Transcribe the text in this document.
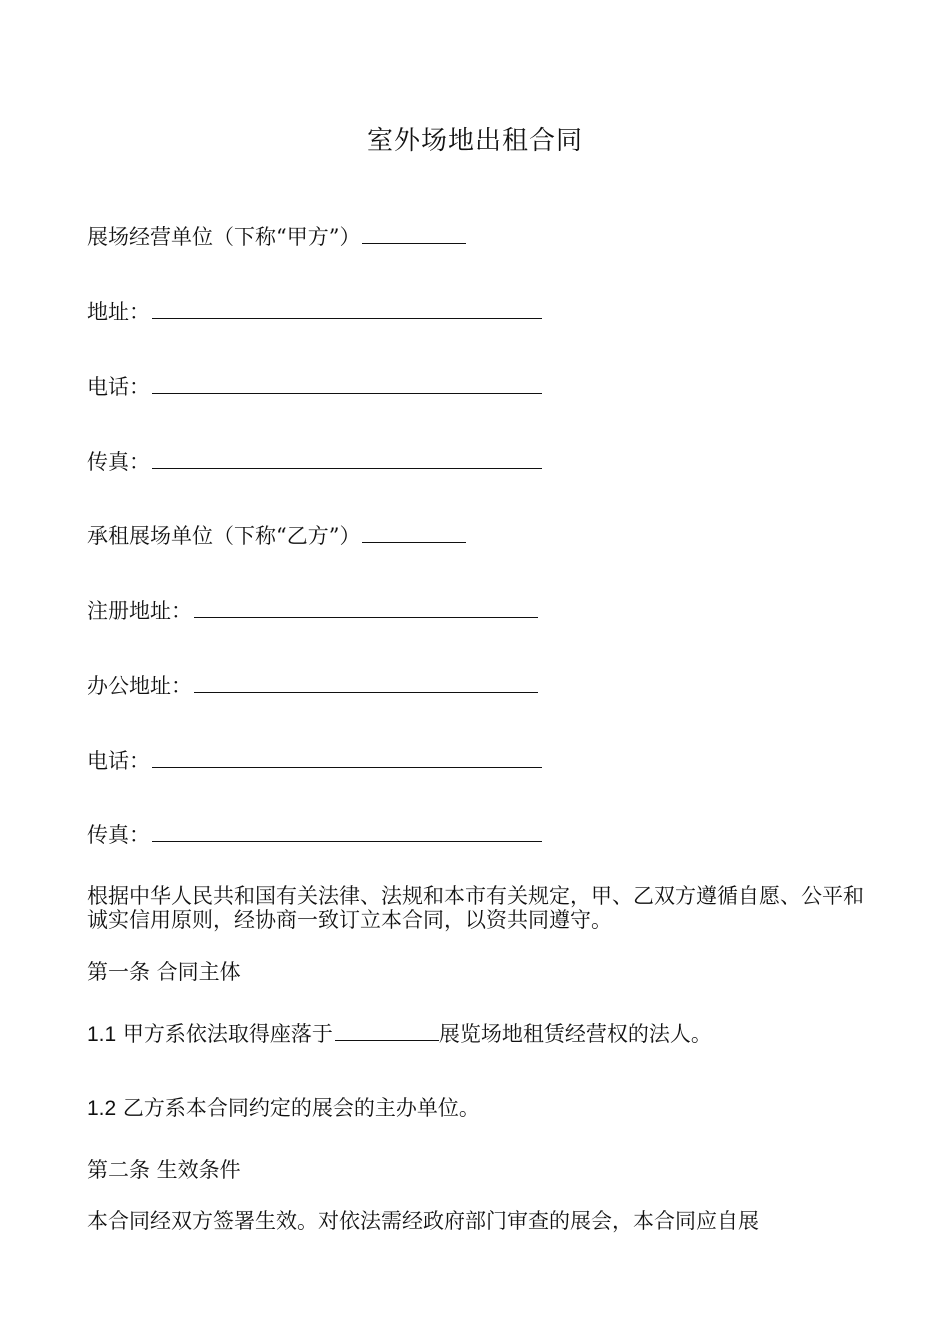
室外场地出租合同
展场经营单位（下称“甲方”）
地址：
电话：
传真：
承租展场单位（下称“乙方”）
注册地址：
办公地址：
电话：
传真：
根据中华人民共和国有关法律、法规和本市有关规定，甲、乙双方遵循自愿、公平和诚实信用原则，经协商一致订立本合同，以资共同遵守。
第一条 合同主体
1.1 甲方系依法取得座落于	展览场地租赁经营权的法人。
1.2 乙方系本合同约定的展会的主办单位。
第二条 生效条件
本合同经双方签署生效。对依法需经政府部门审查的展会，本合同应自展
